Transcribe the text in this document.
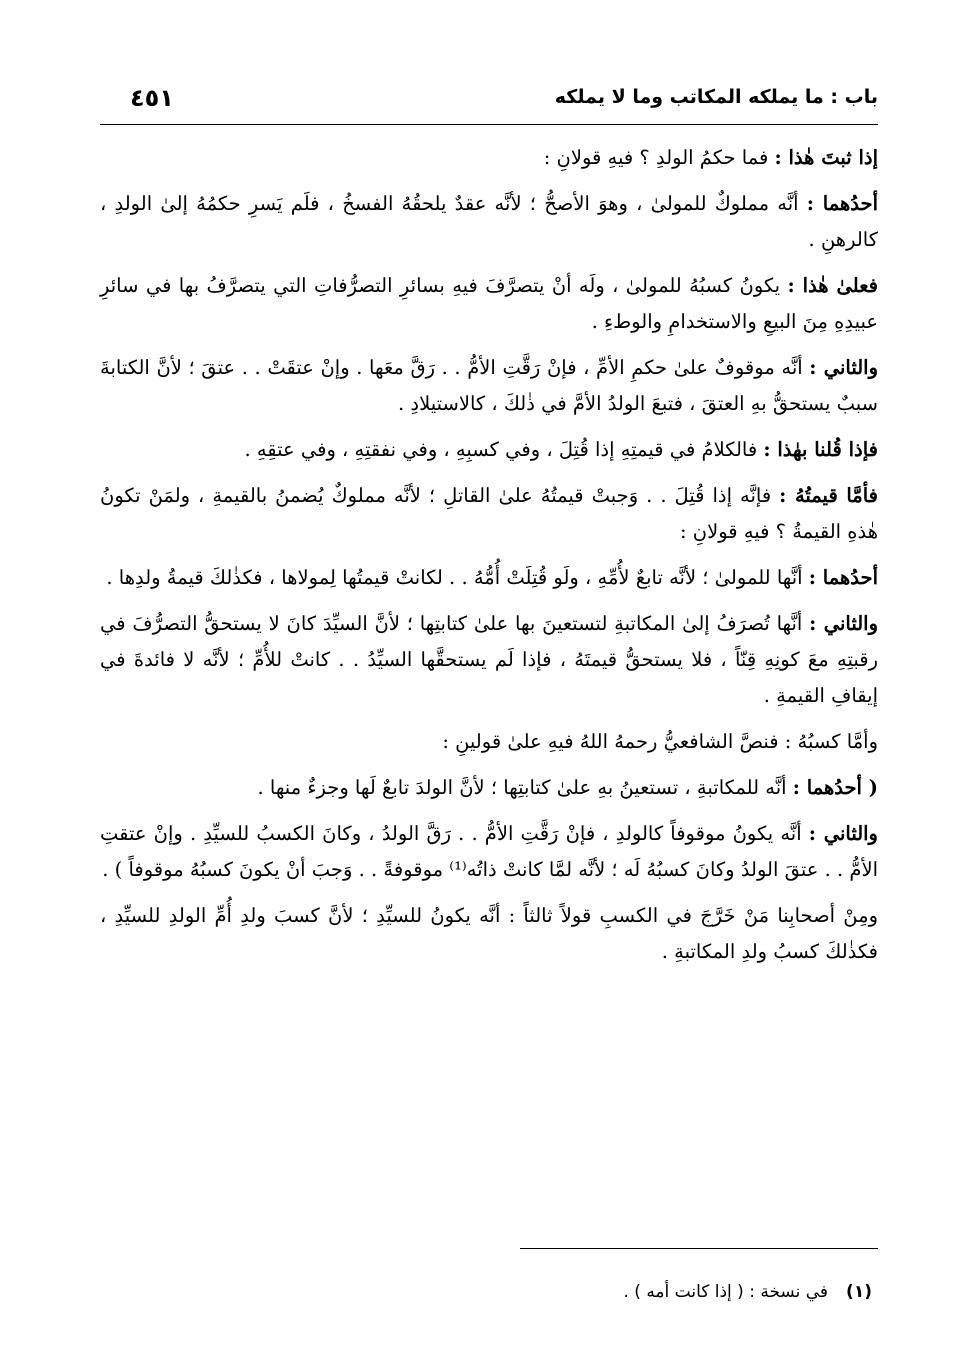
باب : ما يملكه المكاتب وما لا يملكه
٤٥١

إذا ثبتَ هٰذا : فما حكمُ الولدِ ؟ فيهِ قولانِ :

أحدُهما : أنَّه مملوكٌ للمولىٰ ، وهوَ الأصحُّ ؛ لأنَّه عقدٌ يلحقُهُ الفسخُ ، فلَم يَسرِ حكمُهُ إلىٰ الولدِ ، كالرهنِ .

فعلىٰ هٰذا : يكونُ كسبُهُ للمولىٰ ، ولَه أنْ يتصرَّفَ فيهِ بسائرِ التصرُّفاتِ التي يتصرَّفُ بها في سائرِ عبيدِهِ مِنَ البيعِ والاستخدامِ والوطءِ .

والثاني : أنَّه موقوفٌ علىٰ حكمِ الأمِّ ، فإنْ رَقَّتِ الأمُّ . . رَقَّ معَها . وإنْ عتقَتْ . . عتقَ ؛ لأنَّ الكتابةَ سببٌ يستحقُّ بهِ العتقَ ، فتبعَ الولدُ الأمَّ في ذٰلكَ ، كالاستيلادِ .

فإذا قُلنا بهٰذا : فالكلامُ في قيمتِهِ إذا قُتِلَ ، وفي كسبِهِ ، وفي نفقتِهِ ، وفي عتقِهِ .

فأمَّا قيمتُهُ : فإنَّه إذا قُتِلَ . . وَجبتْ قيمتُهُ علىٰ القاتلِ ؛ لأنَّه مملوكٌ يُضمنُ بالقيمةِ ، ولمَنْ تكونُ هٰذهِ القيمةُ ؟ فيهِ قولانِ :

أحدُهما : أنَّها للمولىٰ ؛ لأنَّه تابعٌ لأُمِّهِ ، ولَو قُتِلَتْ أُمُّهُ . . لكانتْ قيمتُها لِمولاها ، فكذٰلكَ قيمةُ ولدِها .

والثاني : أنَّها تُصرَفُ إلىٰ المكاتبةِ لتستعينَ بها علىٰ كتابتِها ؛ لأنَّ السيِّدَ كانَ لا يستحقُّ التصرُّفَ في رقبتِهِ معَ كونِهِ قِنّاً ، فلا يستحقُّ قيمتَهُ ، فإذا لَم يستحقَّها السيِّدُ . . كانتْ للأُمِّ ؛ لأنَّه لا فائدةَ في إيقافِ القيمةِ .

وأمَّا كسبُهُ : فنصَّ الشافعيُّ رحمهُ اللهُ فيهِ علىٰ قولينِ :

( أحدُهما : أنَّه للمكاتبةِ ، تستعينُ بهِ علىٰ كتابتِها ؛ لأنَّ الولدَ تابعٌ لَها وجزءٌ منها .

والثاني : أنَّه يكونُ موقوفاً كالولدِ ، فإنْ رَقَّتِ الأمُّ . . رَقَّ الولدُ ، وكانَ الكسبُ للسيِّدِ . وإنْ عتقتِ الأمُّ . . عتقَ الولدُ وكانَ كسبُهُ لَه ؛ لأنَّه لمَّا كانتْ ذاتُه⁽¹⁾ موقوفةً . . وَجبَ أنْ يكونَ كسبُهُ موقوفاً ) .

ومِنْ أصحابِنا مَنْ خَرَّجَ في الكسبِ قولاً ثالثاً : أنَّه يكونُ للسيِّدِ ؛ لأنَّ كسبَ ولدِ أُمِّ الولدِ للسيِّدِ ، فكذٰلكَ كسبُ ولدِ المكاتبةِ .

(١)في نسخة : ( إذا كانت أمه ) .
